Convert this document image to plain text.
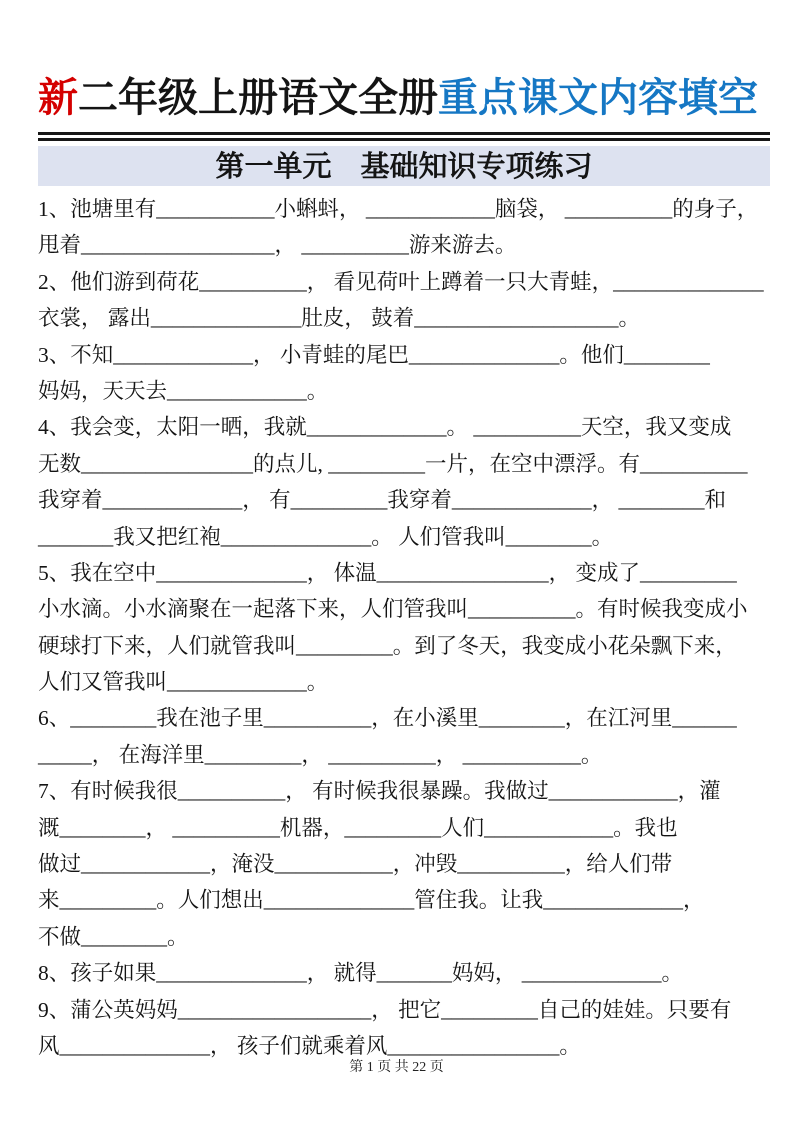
新二年级上册语文全册重点课文内容填空
第一单元　基础知识专项练习
1、池塘里有___________小蝌蚪， ____________脑袋， __________的身子，
甩着__________________， __________游来游去。
2、他们游到荷花__________， 看见荷叶上蹲着一只大青蛙，______________
衣裳， 露出______________肚皮， 鼓着___________________。
3、不知_____________， 小青蛙的尾巴______________。他们________
妈妈，天天去_____________。
4、我会变，太阳一晒，我就_____________。 __________天空，我又变成
无数________________的点儿, _________一片，在空中漂浮。有__________
我穿着_____________， 有_________我穿着_____________， ________和
_______我又把红袍______________。 人们管我叫________。
5、我在空中______________， 体温________________， 变成了_________
小水滴。小水滴聚在一起落下来，人们管我叫__________。有时候我变成小
硬球打下来，人们就管我叫_________。到了冬天，我变成小花朵飘下来，
人们又管我叫_____________。
6、________我在池子里__________，在小溪里________，在江河里______
_____， 在海洋里_________， __________， ___________。
7、有时候我很__________， 有时候我很暴躁。我做过____________，灌
溉________， __________机器，_________人们____________。我也
做过____________，淹没___________，冲毁__________，给人们带
来_________。人们想出______________管住我。让我_____________，
不做________。
8、孩子如果______________， 就得_______妈妈， _____________。
9、蒲公英妈妈__________________， 把它_________自己的娃娃。只要有
风______________， 孩子们就乘着风________________。
第 1 页 共 22 页
